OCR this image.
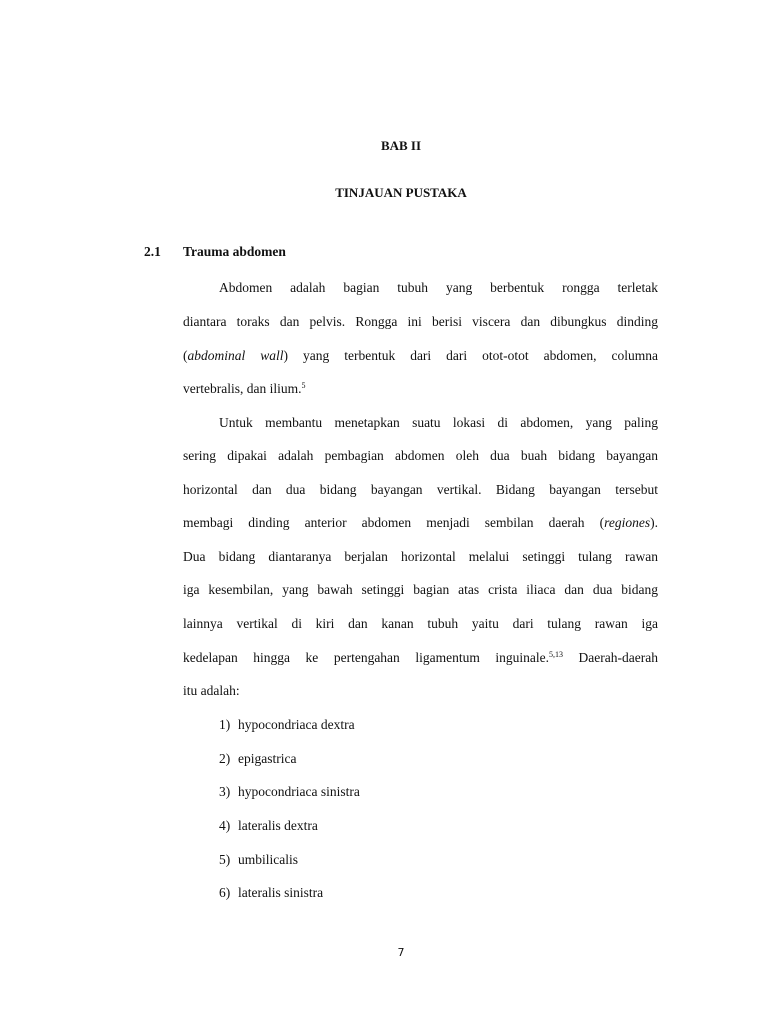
BAB II
TINJAUAN PUSTAKA
2.1 Trauma abdomen
Abdomen adalah bagian tubuh yang berbentuk rongga terletak
diantara toraks dan pelvis. Rongga ini berisi viscera dan dibungkus dinding
(abdominal wall) yang terbentuk dari dari otot-otot abdomen, columna
vertebralis, dan ilium.$^5$
Untuk membantu menetapkan suatu lokasi di abdomen, yang paling
sering dipakai adalah pembagian abdomen oleh dua buah bidang bayangan
horizontal dan dua bidang bayangan vertikal. Bidang bayangan tersebut
membagi dinding anterior abdomen menjadi sembilan daerah (regiones).
Dua bidang diantaranya berjalan horizontal melalui setinggi tulang rawan
iga kesembilan, yang bawah setinggi bagian atas crista iliaca dan dua bidang
lainnya vertikal di kiri dan kanan tubuh yaitu dari tulang rawan iga
kedelapan hingga ke pertengahan ligamentum inguinale.$^{5,13}$ Daerah-daerah
itu adalah:
1) hypocondriaca dextra
2) epigastrica
3) hypocondriaca sinistra
4) lateralis dextra
5) umbilicalis
6) lateralis sinistra
7
